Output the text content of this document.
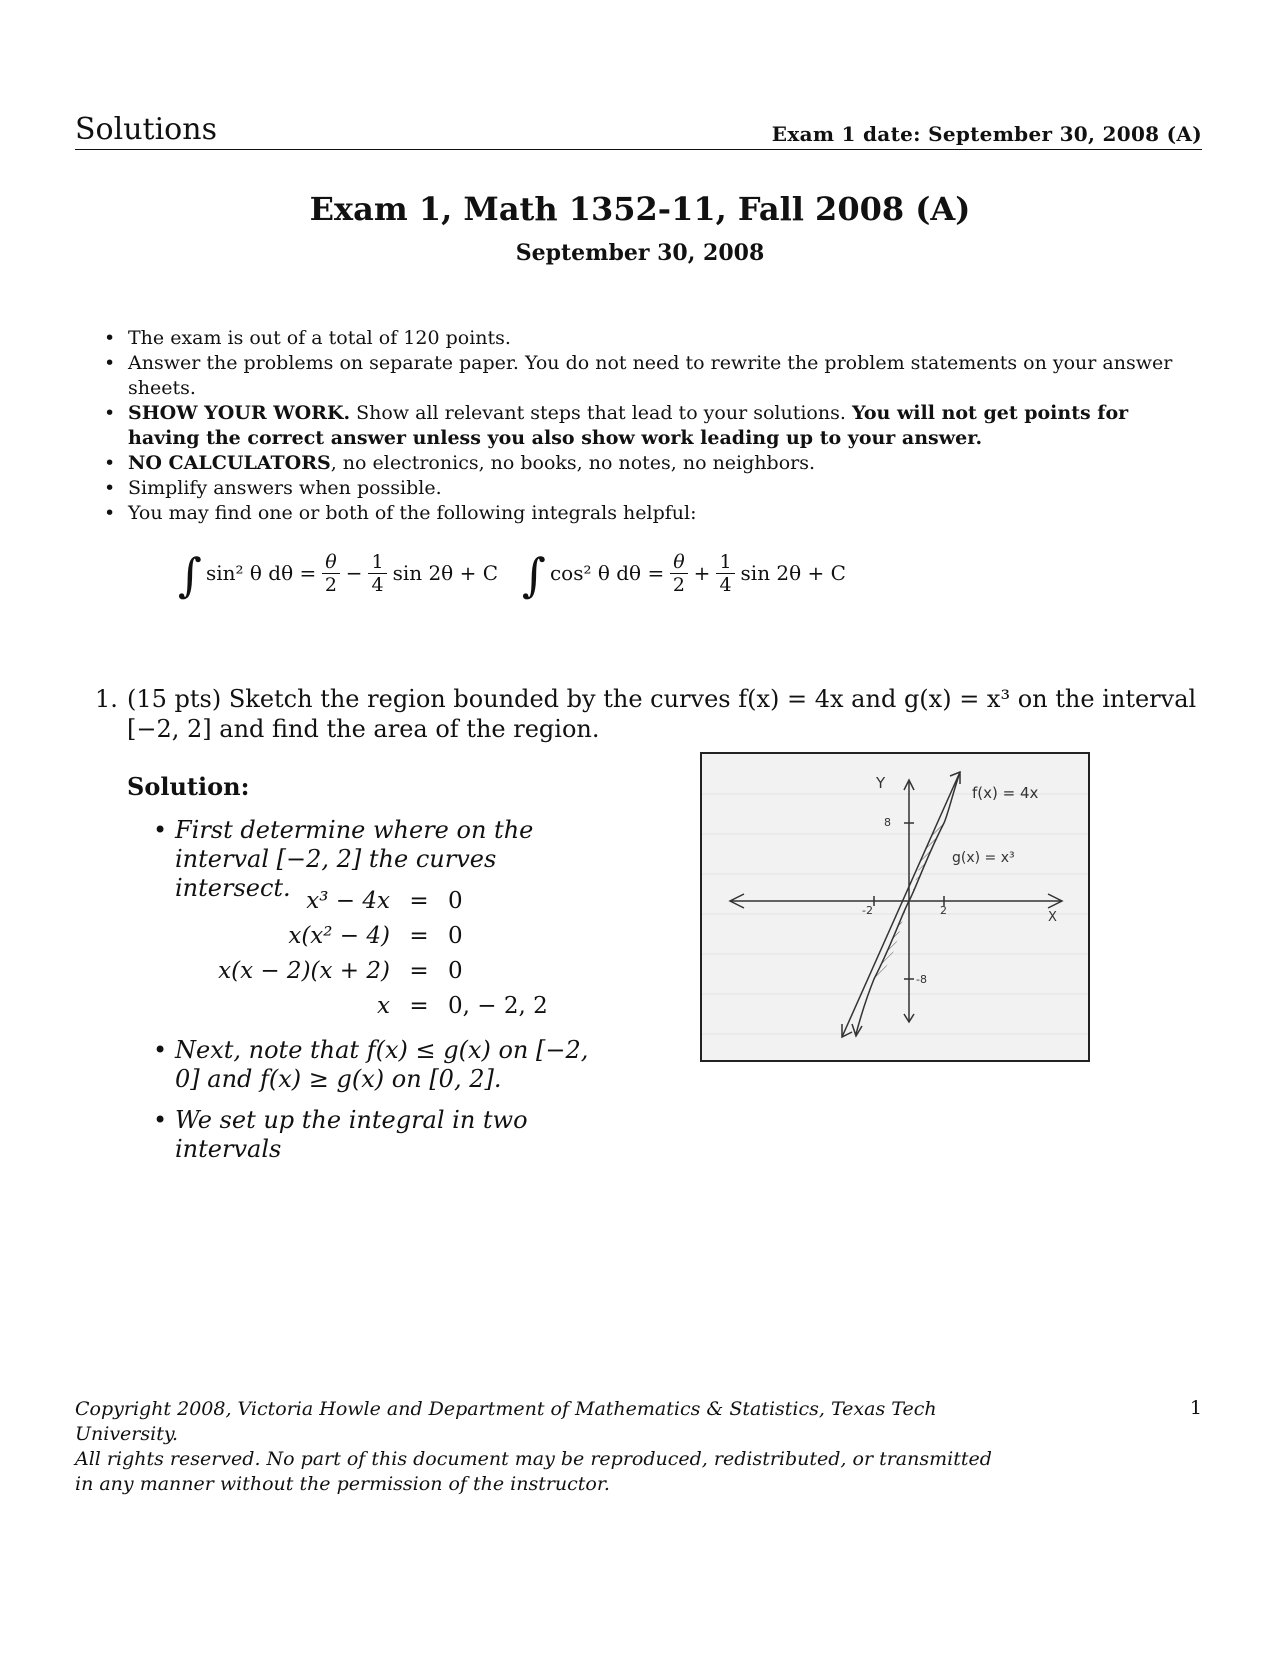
Solutions	Exam 1 date: September 30, 2008 (A)
Exam 1, Math 1352-11, Fall 2008 (A)
September 30, 2008
• The exam is out of a total of 120 points.
• Answer the problems on separate paper. You do not need to rewrite the problem statements on your answer sheets.
• SHOW YOUR WORK. Show all relevant steps that lead to your solutions. You will not get points for having the correct answer unless you also show work leading up to your answer.
• NO CALCULATORS, no electronics, no books, no notes, no neighbors.
• Simplify answers when possible.
• You may find one or both of the following integrals helpful:
∫ sin² θ $d\theta = \frac{\theta}{2} - \frac{1}{4}$ sin 2θ + C ∫ cos² θ $d\theta = \frac{\theta}{2} + \frac{1}{4}$ sin 2θ + C
1. (15 pts) Sketch the region bounded by the curves f(x) = 4x and g(x) = x³ on the interval [−2, 2] and find the area of the region.
Solution:
• First determine where on the interval [−2, 2] the curves intersect. x³ − 4x = 0
x(x² − 4) = 0
x(x − 2)(x + 2) = 0
x = 0, − 2, 2
• Next, note that f(x) ≤ g(x) on [−2, 0] and f(x) ≥ g(x) on [0, 2].
• We set up the integral in two intervals
Y
X
8
-8
-2	2
f(x) = 4x
g(x) = x³
Copyright 2008, Victoria Howle and Department of Mathematics & Statistics, Texas Tech University.
All rights reserved. No part of this document may be reproduced, redistributed, or transmitted
in any manner without the permission of the instructor.
1
